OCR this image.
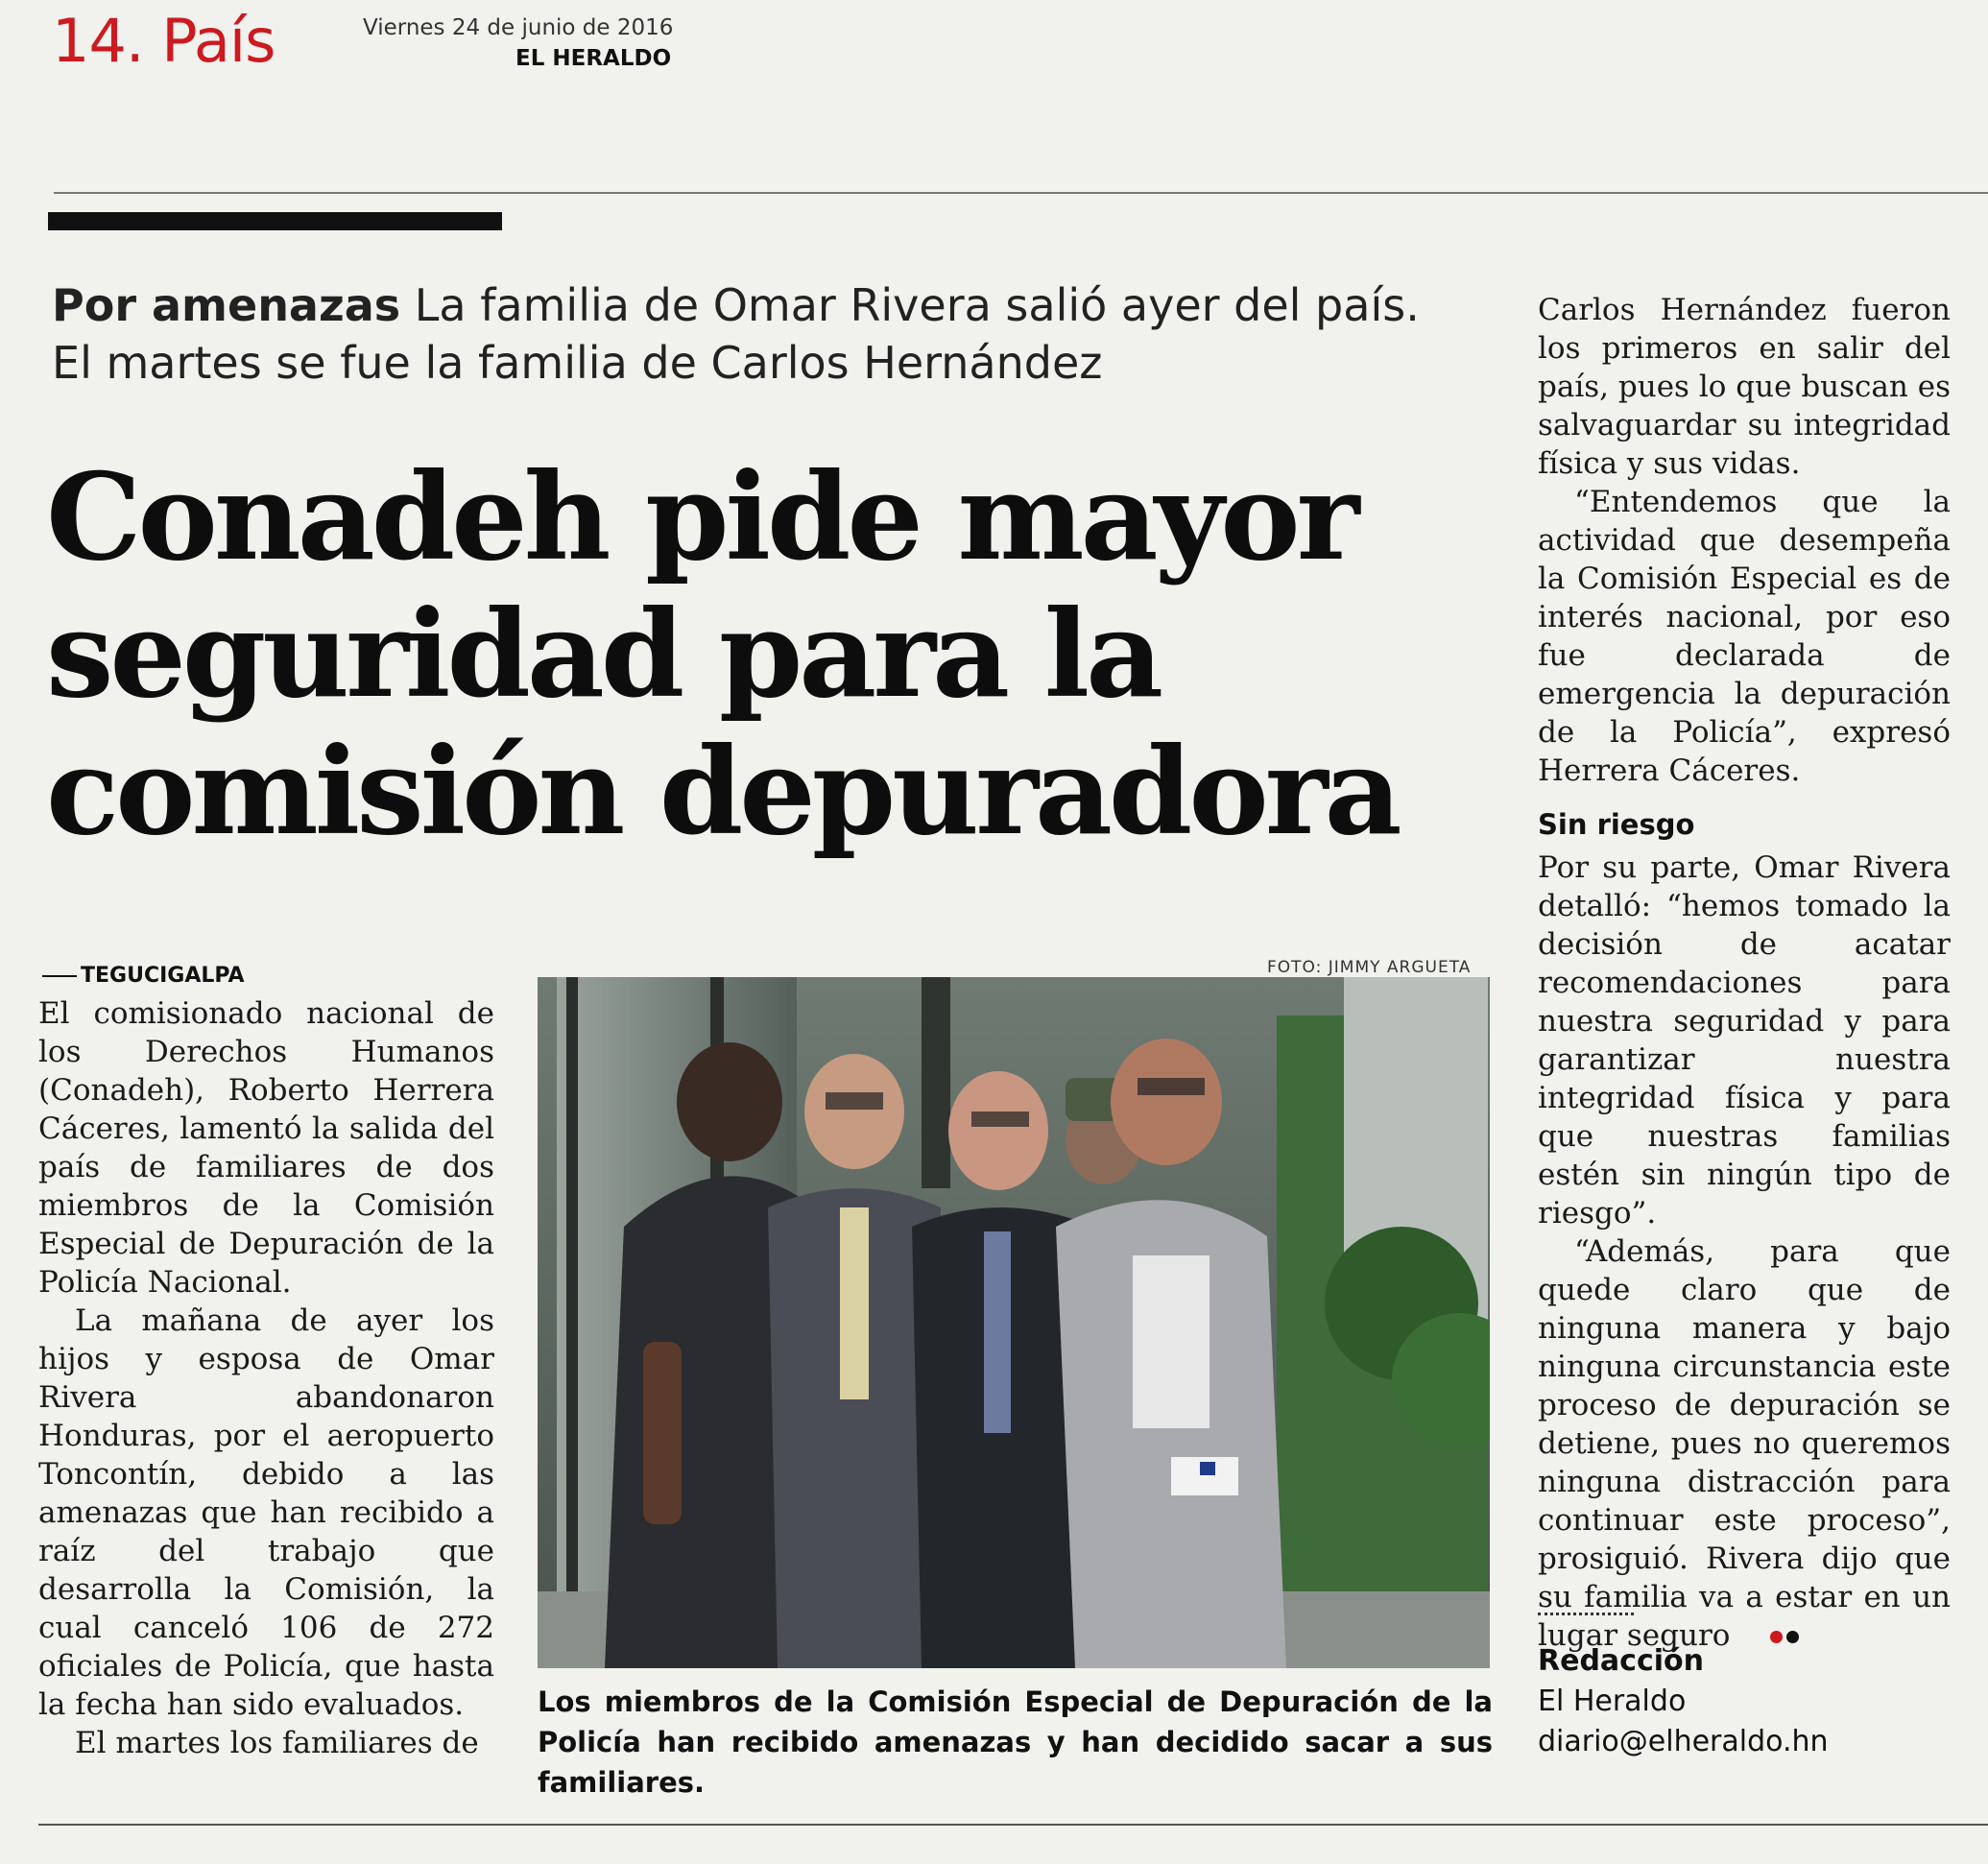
14. País	Viernes 24 de junio de 2016
EL HERALDO
Por amenazas La familia de Omar Rivera salió ayer del país.
El martes se fue la familia de Carlos Hernández
Conadeh pide mayor
seguridad para la
comisión depuradora
TEGUCIGALPA

El comisionado nacional de los Derechos Humanos (Conadeh), Roberto Herrera Cáceres, lamentó la salida del país de familiares de dos miembros de la Comisión Especial de Depuración de la Policía Nacional.

La mañana de ayer los hijos y esposa de Omar Rivera abandonaron Honduras, por el aeropuerto Toncontín, debido a las amenazas que han recibido a raíz del trabajo que desarrolla la Comisión, la cual canceló 106 de 272 oficiales de Policía, que hasta la fecha han sido evaluados.

El martes los familiares de

FOTO: JIMMY ARGUETA
Los miembros de la Comisión Especial de Depuración de la Policía han recibido amenazas y han decidido sacar a sus familiares.

Carlos Hernández fueron los primeros en salir del país, pues lo que buscan es salvaguardar su integridad física y sus vidas.

“Entendemos que la actividad que desempeña la Comisión Especial es de interés nacional, por eso fue declarada de emergencia la depuración de la Policía”, expresó Herrera Cáceres.

Sin riesgo

Por su parte, Omar Rivera detalló: “hemos tomado la decisión de acatar recomendaciones para nuestra seguridad y para garantizar nuestra integridad física y para que nuestras familias estén sin ningún tipo de riesgo”.

“Además, para que quede claro que de ninguna manera y bajo ninguna circunstancia este proceso de depuración se detiene, pues no queremos ninguna distracción para continuar este proceso”, prosiguió. Rivera dijo que su familia va a estar en un lugar seguro

Redacción
El Heraldo
diario@elheraldo.hn
